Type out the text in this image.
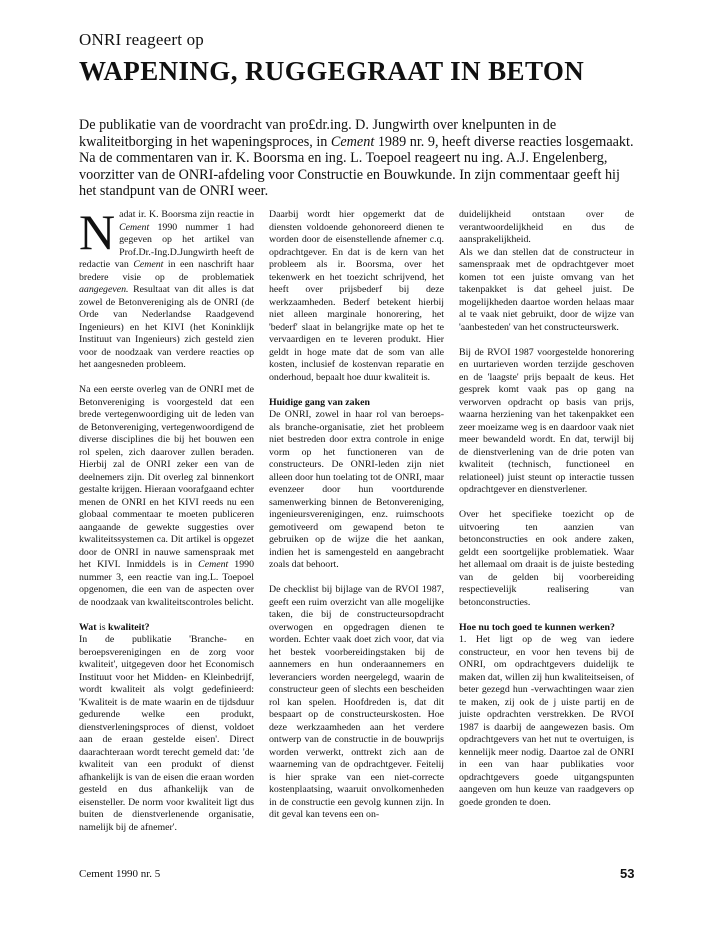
ONRI reageert op
WAPENING, RUGGEGRAAT IN BETON

De publikatie van de voordracht van pro£dr.ing. D. Jungwirth over knelpunten in de kwaliteitborging in het wapeningsproces, in Cement 1989 nr. 9, heeft diverse reacties losgemaakt.

Na de commentaren van ir. K. Boorsma en ing. L. Toepoel reageert nu ing. A.J. Engelenberg, voorzitter van de ONRI-afdeling voor Constructie en Bouwkunde. In zijn commentaar geeft hij het standpunt van de ONRI weer.

Nadat ir. K. Boorsma zijn reactie in Cement 1990 nummer 1 had gegeven op het artikel van Prof.Dr.-Ing.D.Jungwirth heeft de redactie van Cement in een naschrift haar bredere visie op de problematiek aangegeven. Resultaat van dit alles is dat zowel de Betonvereniging als de ONRI (de Orde van Nederlandse Raadgevend Ingenieurs) en het KIVI (het Koninklijk Instituut van Ingenieurs) zich gesteld zien voor de noodzaak van verdere reacties op het aangesneden probleem.

Na een eerste overleg van de ONRI met de Betonvereniging is voorgesteld dat een brede vertegenwoordiging uit de leden van de Betonvereniging, vertegenwoordigend de diverse disciplines die bij het bouwen een rol spelen, zich daarover zullen beraden. Hierbij zal de ONRI zeker een van de deelnemers zijn. Dit overleg zal binnenkort gestalte krijgen. Hieraan voorafgaand echter menen de ONRI en het KIVI reeds nu een globaal commentaar te moeten publiceren aangaande de gewekte suggesties over kwaliteitssystemen ca. Dit artikel is opgezet door de ONRI in nauwe samenspraak met het KIVI. Inmiddels is in Cement 1990 nummer 3, een reactie van ing.L. Toepoel opgenomen, die een van de aspecten over de noodzaak van kwaliteitscontroles belicht.

Wat is kwaliteit?

In de publikatie 'Branche- en beroepsverenigingen en de zorg voor kwaliteit', uitgegeven door het Economisch Instituut voor het Midden- en Kleinbedrijf, wordt kwaliteit als volgt gedefinieerd: 'Kwaliteit is de mate waarin en de tijdsduur gedurende welke een produkt, dienstverleningsproces of dienst, voldoet aan de eraan gestelde eisen'. Direct daarachteraan wordt terecht gemeld dat: 'de kwaliteit van een produkt of dienst afhankelijk is van de eisen die eraan worden gesteld en dus afhankelijk van de eisensteller. De norm voor kwaliteit ligt dus buiten de dienstverlenende organisatie, namelijk bij de afnemer'.

Daarbij wordt hier opgemerkt dat de diensten voldoende gehonoreerd dienen te worden door de eisenstellende afnemer c.q. opdrachtgever. En dat is de kern van het probleem als ir. Boorsma, over het tekenwerk en het toezicht schrijvend, het heeft over prijsbederf bij deze werkzaamheden. Bederf betekent hierbij niet alleen marginale honorering, het 'bederf' slaat in belangrijke mate op het te vervaardigen en te leveren produkt. Hier geldt in hoge mate dat de som van alle kosten, inclusief de kostenvan reparatie en onderhoud, bepaalt hoe duur kwaliteit is.

Huidige gang van zaken

De ONRI, zowel in haar rol van beroeps- als branche-organisatie, ziet het probleem niet bestreden door extra controle in enige vorm op het functioneren van de constructeurs. De ONRI-leden zijn niet alleen door hun toelating tot de ONRI, maar evenzeer door hun voortdurende samenwerking binnen de Betonvereniging, ingenieursverenigingen, enz. ruimschoots gemotiveerd om gewapend beton te gebruiken op de wijze die het aankan, indien het is samengesteld en aangebracht zoals dat behoort.

De checklist bij bijlage van de RVOI 1987, geeft een ruim overzicht van alle mogelijke taken, die bij de constructeursopdracht overwogen en opgedragen dienen te worden. Echter vaak doet zich voor, dat via het bestek voorbereidingstaken bij de aannemers en hun onderaannemers en leveranciers worden neergelegd, waarin de constructeur geen of slechts een bescheiden rol kan spelen. Hoofdreden is, dat dit bespaart op de constructeurskosten. Hoe deze werkzaamheden aan het verdere ontwerp van de constructie in de bouwprijs worden verwerkt, onttrekt zich aan de waarneming van de opdrachtgever. Feitelij is hier sprake van een niet-correcte kostenplaatsing, waaruit onvolkomenheden in de constructie een gevolg kunnen zijn. In dit geval kan tevens een on-

duidelijkheid ontstaan over de verantwoordelijkheid en dus de aansprakelijkheid.

Als we dan stellen dat de constructeur in samenspraak met de opdrachtgever moet komen tot een juiste omvang van het takenpakket is dat geheel juist. De mogelijkheden daartoe worden helaas maar al te vaak niet gebruikt, door de wijze van 'aanbesteden' van het constructeurswerk.

Bij de RVOI 1987 voorgestelde honorering en uurtarieven worden terzijde geschoven en de 'laagste' prijs bepaalt de keus. Het gesprek komt vaak pas op gang na verworven opdracht op basis van prijs, waarna herziening van het takenpakket een zeer moeizame weg is en daardoor vaak niet meer bewandeld wordt. En dat, terwijl bij de dienstverlening van de drie poten van kwaliteit (technisch, functioneel en relationeel) juist steunt op interactie tussen opdrachtgever en dienstverlener.

Over het specifieke toezicht op de uitvoering ten aanzien van betonconstructies en ook andere zaken, geldt een soortgelijke problematiek. Waar het allemaal om draait is de juiste besteding van de gelden bij voorbereiding respectievelijk realisering van betonconstructies.

Hoe nu toch goed te kunnen werken?

1. Het ligt op de weg van iedere constructeur, en voor hen tevens bij de ONRI, om opdrachtgevers duidelijk te maken dat, willen zij hun kwaliteitseisen, of beter gezegd hun -verwachtingen waar zien te maken, zij ook de j uiste partij en de juiste opdrachten verstrekken. De RVOI 1987 is daarbij de aangewezen basis. Om opdrachtgevers van het nut te overtuigen, is kennelijk meer nodig. Daartoe zal de ONRI in een van haar publikaties voor opdrachtgevers goede uitgangspunten aangeven om hun keuze van raadgevers op goede gronden te doen.

Cement 1990 nr. 5	53
